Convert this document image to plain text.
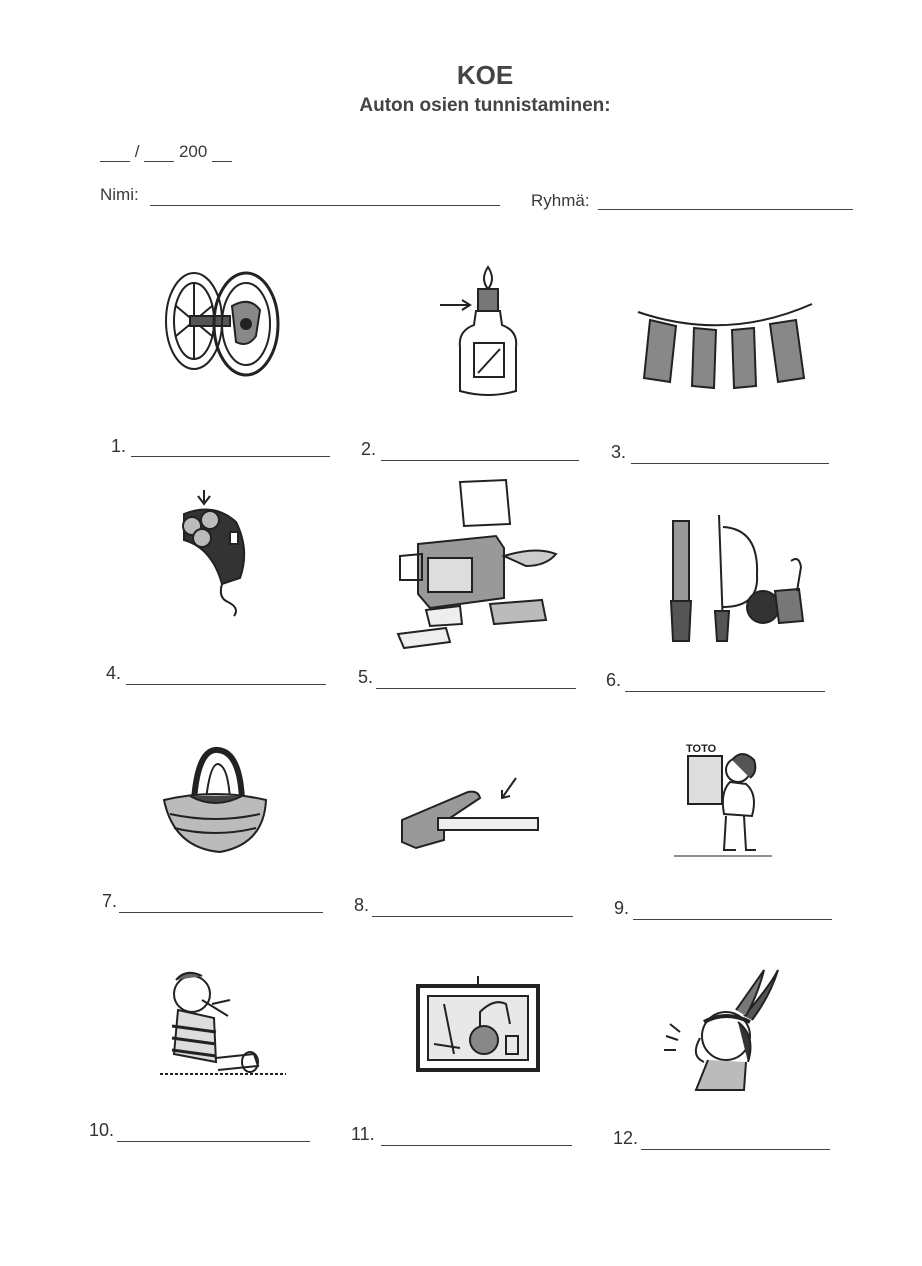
KOE
Auton osien tunnistaminen:
/ 200
Nimi:	Ryhmä:
1.	2.	3.
4.	5.	6.
7.	8.	9.
10.	11.	12.
TOTO
